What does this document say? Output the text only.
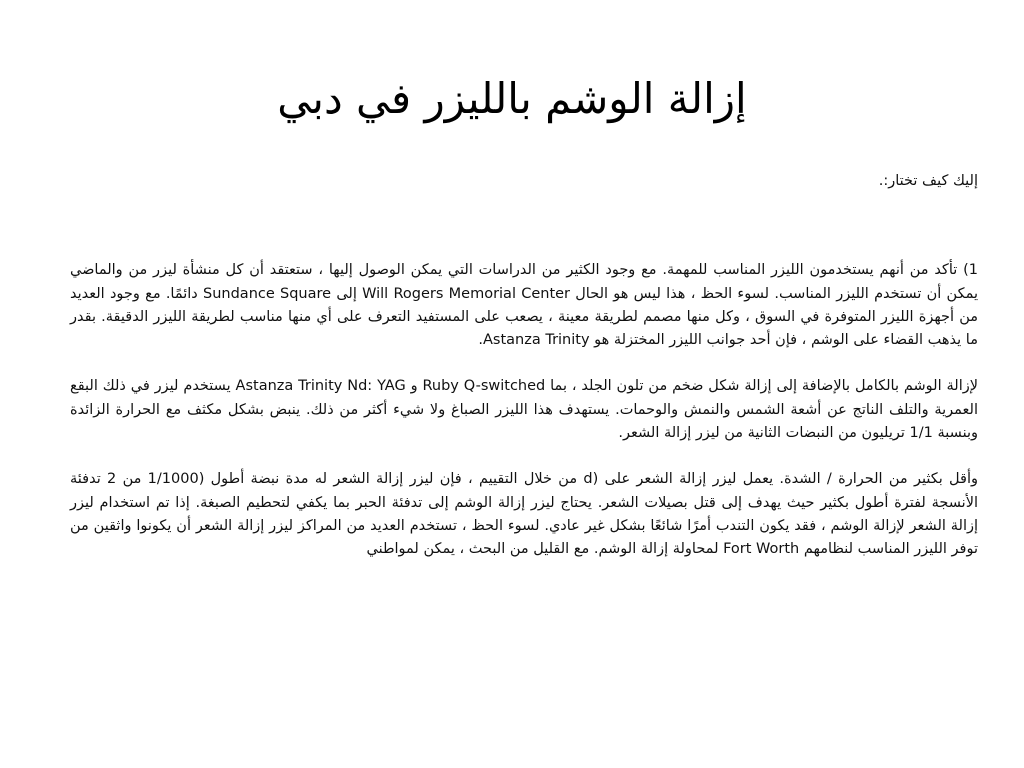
إزالة الوشم بالليزر في دبي

إليك كيف تختار:.

1) تأكد من أنهم يستخدمون الليزر المناسب للمهمة. مع وجود الكثير من الدراسات التي يمكن الوصول إليها ، ستعتقد أن كل منشأة ليزر من والماضي يمكن أن تستخدم الليزر المناسب. لسوء الحظ ، هذا ليس هو الحال Will Rogers Memorial Center إلى Sundance Square دائمًا. مع وجود العديد من أجهزة الليزر المتوفرة في السوق ، وكل منها مصمم لطريقة معينة ، يصعب على المستفيد التعرف على أي منها مناسب لطريقة الليزر الدقيقة. بقدر ما يذهب القضاء على الوشم ، فإن أحد جوانب الليزر المختزلة هو Astanza Trinity.

لإزالة الوشم بالكامل بالإضافة إلى إزالة شكل ضخم من تلون الجلد ، بما Ruby Q-switched و Astanza Trinity Nd: YAG يستخدم ليزر في ذلك البقع العمرية والتلف الناتج عن أشعة الشمس والنمش والوحمات. يستهدف هذا الليزر الصباغ ولا شيء أكثر من ذلك. ينبض بشكل مكثف مع الحرارة الزائدة وبنسبة 1/1 تريليون من النبضات الثانية من ليزر إزالة الشعر.

وأقل بكثير من الحرارة / الشدة. يعمل ليزر إزالة الشعر على (d من خلال التقييم ، فإن ليزر إزالة الشعر له مدة نبضة أطول (1/1000 من 2 تدفئة الأنسجة لفترة أطول بكثير حيث يهدف إلى قتل بصيلات الشعر. يحتاج ليزر إزالة الوشم إلى تدفئة الحبر بما يكفي لتحطيم الصبغة. إذا تم استخدام ليزر إزالة الشعر لإزالة الوشم ، فقد يكون التندب أمرًا شائعًا بشكل غير عادي. لسوء الحظ ، تستخدم العديد من المراكز ليزر إزالة الشعر أن يكونوا واثقين من توفر الليزر المناسب لنظامهم Fort Worth لمحاولة إزالة الوشم. مع القليل من البحث ، يمكن لمواطني
